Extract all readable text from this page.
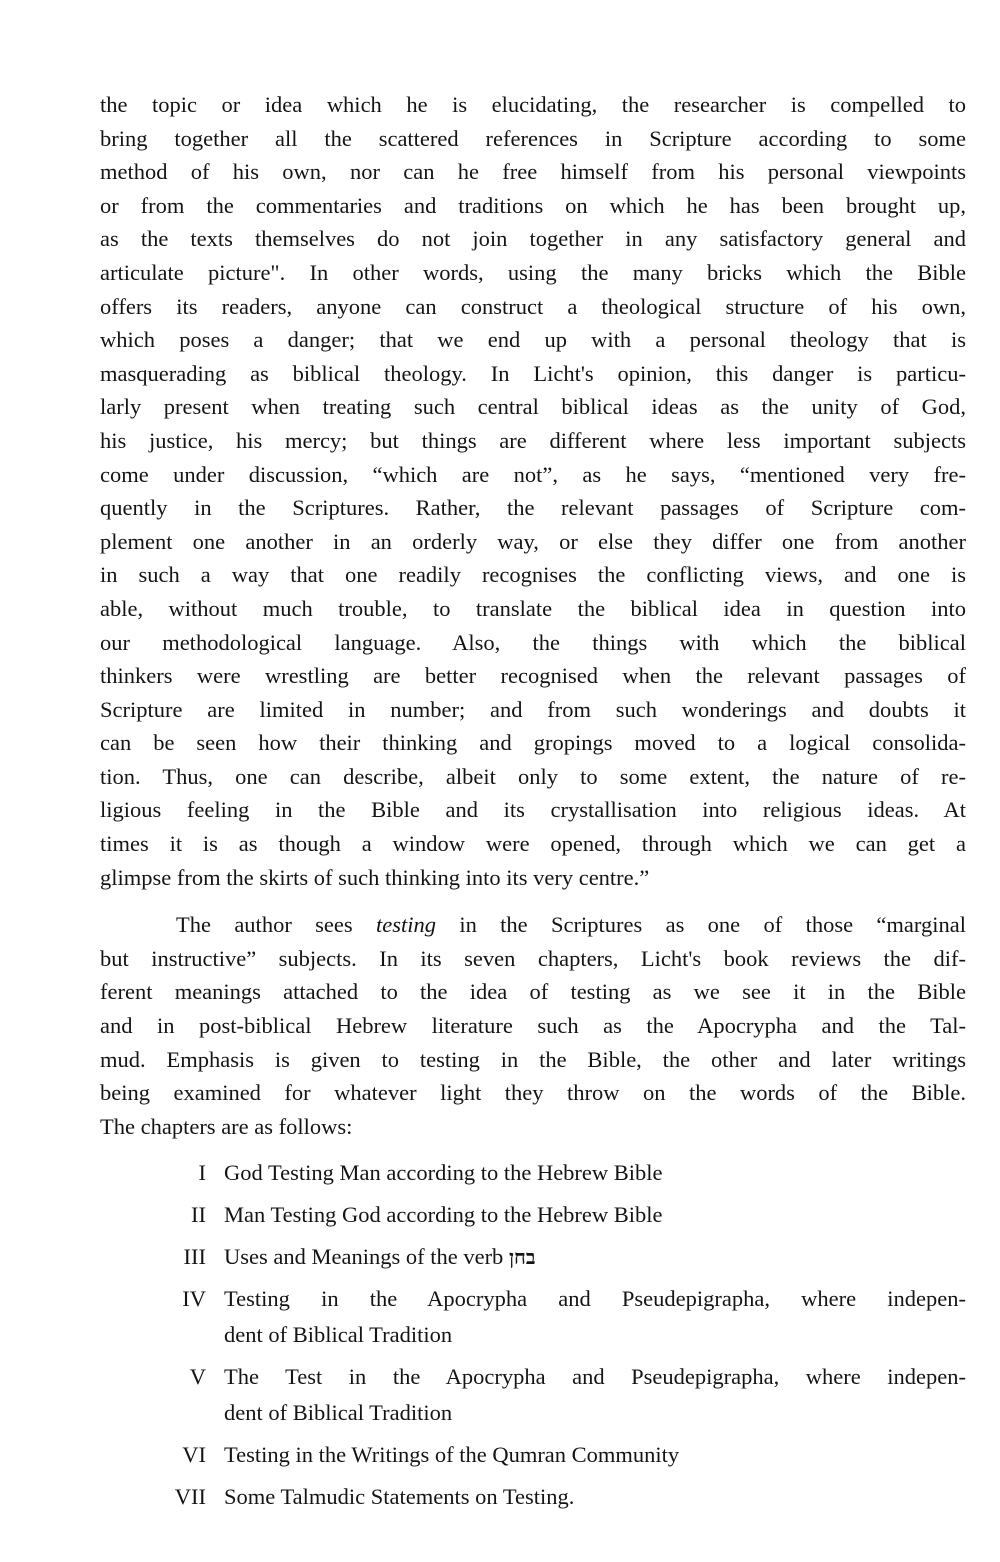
the topic or idea which he is elucidating, the researcher is compelled to
bring together all the scattered references in Scripture according to some
method of his own, nor can he free himself from his personal viewpoints
or from the commentaries and traditions on which he has been brought up,
as the texts themselves do not join together in any satisfactory general and
articulate picture". In other words, using the many bricks which the Bible
offers its readers, anyone can construct a theological structure of his own,
which poses a danger; that we end up with a personal theology that is
masquerading as biblical theology. In Licht's opinion, this danger is particu-
larly present when treating such central biblical ideas as the unity of God,
his justice, his mercy; but things are different where less important subjects
come under discussion, “which are not”, as he says, “mentioned very fre-
quently in the Scriptures. Rather, the relevant passages of Scripture com-
plement one another in an orderly way, or else they differ one from another
in such a way that one readily recognises the conflicting views, and one is
able, without much trouble, to translate the biblical idea in question into
our methodological language. Also, the things with which the biblical
thinkers were wrestling are better recognised when the relevant passages of
Scripture are limited in number; and from such wonderings and doubts it
can be seen how their thinking and gropings moved to a logical consolida-
tion. Thus, one can describe, albeit only to some extent, the nature of re-
ligious feeling in the Bible and its crystallisation into religious ideas. At
times it is as though a window were opened, through which we can get a
glimpse from the skirts of such thinking into its very centre.”
The author sees testing in the Scriptures as one of those “marginal
but instructive” subjects. In its seven chapters, Licht's book reviews the dif-
ferent meanings attached to the idea of testing as we see it in the Bible
and in post-biblical Hebrew literature such as the Apocrypha and the Tal-
mud. Emphasis is given to testing in the Bible, the other and later writings
being examined for whatever light they throw on the words of the Bible.
The chapters are as follows:
I God Testing Man according to the Hebrew Bible
II Man Testing God according to the Hebrew Bible
III Uses and Meanings of the verb בחן
IV Testing in the Apocrypha and Pseudepigrapha, where indepen-
dent of Biblical Tradition
V The Test in the Apocrypha and Pseudepigrapha, where indepen-
dent of Biblical Tradition
VI Testing in the Writings of the Qumran Community
VII Some Talmudic Statements on Testing.
